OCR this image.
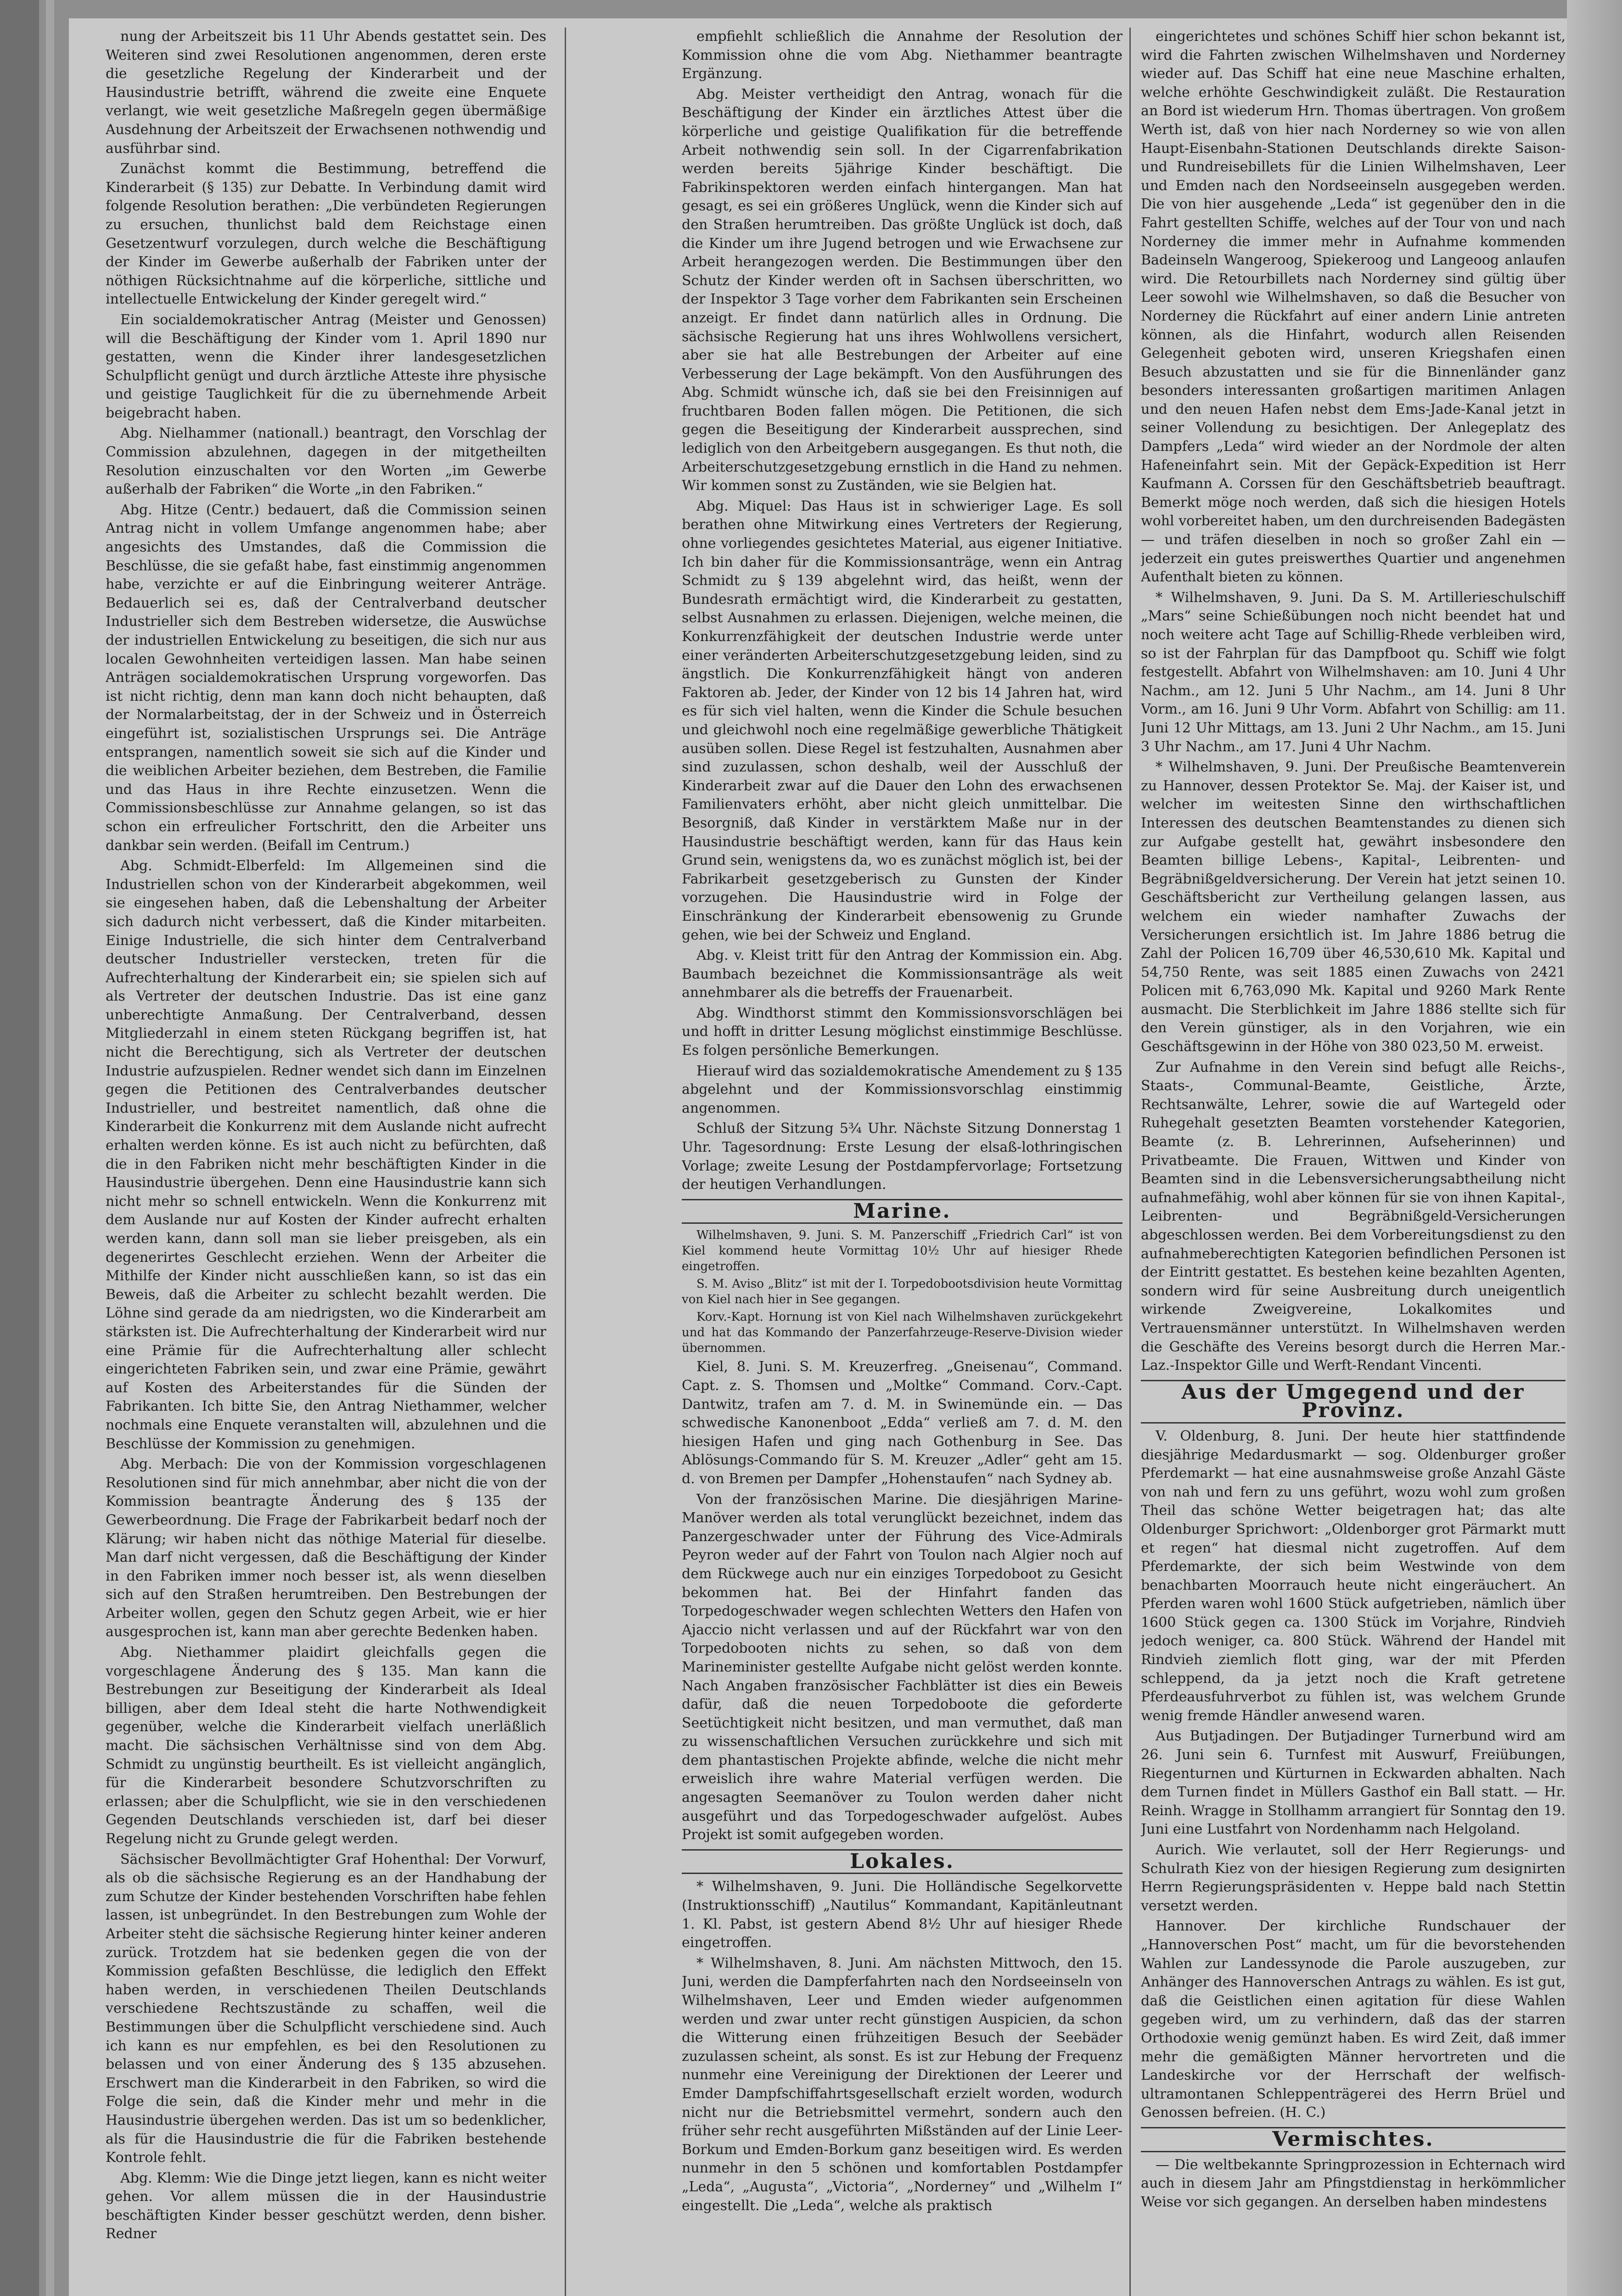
nung der Arbeitszeit bis 11 Uhr Abends gestattet sein. Des Weiteren sind zwei Resolutionen angenommen, deren erste die gesetzliche Regelung der Kinderarbeit und der Hausindustrie betrifft, während die zweite eine Enquete verlangt, wie weit gesetzliche Maßregeln gegen übermäßige Ausdehnung der Arbeitszeit der Erwachsenen nothwendig und ausführbar sind.

Zunächst kommt die Bestimmung, betreffend die Kinderarbeit (§ 135) zur Debatte. In Verbindung damit wird folgende Resolution berathen: „Die verbündeten Regierungen zu ersuchen, thunlichst bald dem Reichstage einen Gesetzentwurf vorzulegen, durch welche die Beschäftigung der Kinder im Gewerbe außerhalb der Fabriken unter der nöthigen Rücksichtnahme auf die körperliche, sittliche und intellectuelle Entwickelung der Kinder geregelt wird.“

Ein socialdemokratischer Antrag (Meister und Genossen) will die Beschäftigung der Kinder vom 1. April 1890 nur gestatten, wenn die Kinder ihrer landesgesetzlichen Schulpflicht genügt und durch ärztliche Atteste ihre physische und geistige Tauglichkeit für die zu übernehmende Arbeit beigebracht haben.

Abg. Nielhammer (nationall.) beantragt, den Vorschlag der Commission abzulehnen, dagegen in der mitgetheilten Resolution einzuschalten vor den Worten „im Gewerbe außerhalb der Fabriken“ die Worte „in den Fabriken.“

Abg. Hitze (Centr.) bedauert, daß die Commission seinen Antrag nicht in vollem Umfange angenommen habe; aber angesichts des Umstandes, daß die Commission die Beschlüsse, die sie gefaßt habe, fast einstimmig angenommen habe, verzichte er auf die Einbringung weiterer Anträge. Bedauerlich sei es, daß der Centralverband deutscher Industrieller sich dem Bestreben widersetze, die Auswüchse der industriellen Entwickelung zu beseitigen, die sich nur aus localen Gewohnheiten verteidigen lassen. Man habe seinen Anträgen socialdemokratischen Ursprung vorgeworfen. Das ist nicht richtig, denn man kann doch nicht behaupten, daß der Normalarbeitstag, der in der Schweiz und in Österreich eingeführt ist, sozialistischen Ursprungs sei. Die Anträge entsprangen, namentlich soweit sie sich auf die Kinder und die weiblichen Arbeiter beziehen, dem Bestreben, die Familie und das Haus in ihre Rechte einzusetzen. Wenn die Commissionsbeschlüsse zur Annahme gelangen, so ist das schon ein erfreulicher Fortschritt, den die Arbeiter uns dankbar sein werden. (Beifall im Centrum.)

Abg. Schmidt-Elberfeld: Im Allgemeinen sind die Industriellen schon von der Kinderarbeit abgekommen, weil sie eingesehen haben, daß die Lebenshaltung der Arbeiter sich dadurch nicht verbessert, daß die Kinder mitarbeiten. Einige Industrielle, die sich hinter dem Centralverband deutscher Industrieller verstecken, treten für die Aufrechterhaltung der Kinderarbeit ein; sie spielen sich auf als Vertreter der deutschen Industrie. Das ist eine ganz unberechtigte Anmaßung. Der Centralverband, dessen Mitgliederzahl in einem steten Rückgang begriffen ist, hat nicht die Berechtigung, sich als Vertreter der deutschen Industrie aufzuspielen. Redner wendet sich dann im Einzelnen gegen die Petitionen des Centralverbandes deutscher Industrieller, und bestreitet namentlich, daß ohne die Kinderarbeit die Konkurrenz mit dem Auslande nicht aufrecht erhalten werden könne. Es ist auch nicht zu befürchten, daß die in den Fabriken nicht mehr beschäftigten Kinder in die Hausindustrie übergehen. Denn eine Hausindustrie kann sich nicht mehr so schnell entwickeln. Wenn die Konkurrenz mit dem Auslande nur auf Kosten der Kinder aufrecht erhalten werden kann, dann soll man sie lieber preisgeben, als ein degenerirtes Geschlecht erziehen. Wenn der Arbeiter die Mithilfe der Kinder nicht ausschließen kann, so ist das ein Beweis, daß die Arbeiter zu schlecht bezahlt werden. Die Löhne sind gerade da am niedrigsten, wo die Kinderarbeit am stärksten ist. Die Aufrechterhaltung der Kinderarbeit wird nur eine Prämie für die Aufrechterhaltung aller schlecht eingerichteten Fabriken sein, und zwar eine Prämie, gewährt auf Kosten des Arbeiterstandes für die Sünden der Fabrikanten. Ich bitte Sie, den Antrag Niethammer, welcher nochmals eine Enquete veranstalten will, abzulehnen und die Beschlüsse der Kommission zu genehmigen.

Abg. Merbach: Die von der Kommission vorgeschlagenen Resolutionen sind für mich annehmbar, aber nicht die von der Kommission beantragte Änderung des § 135 der Gewerbeordnung. Die Frage der Fabrikarbeit bedarf noch der Klärung; wir haben nicht das nöthige Material für dieselbe. Man darf nicht vergessen, daß die Beschäftigung der Kinder in den Fabriken immer noch besser ist, als wenn dieselben sich auf den Straßen herumtreiben. Den Bestrebungen der Arbeiter wollen, gegen den Schutz gegen Arbeit, wie er hier ausgesprochen ist, kann man aber gerechte Bedenken haben.

Abg. Niethammer plaidirt gleichfalls gegen die vorgeschlagene Änderung des § 135. Man kann die Bestrebungen zur Beseitigung der Kinderarbeit als Ideal billigen, aber dem Ideal steht die harte Nothwendigkeit gegenüber, welche die Kinderarbeit vielfach unerläßlich macht. Die sächsischen Verhältnisse sind von dem Abg. Schmidt zu ungünstig beurtheilt. Es ist vielleicht angänglich, für die Kinderarbeit besondere Schutzvorschriften zu erlassen; aber die Schulpflicht, wie sie in den verschiedenen Gegenden Deutschlands verschieden ist, darf bei dieser Regelung nicht zu Grunde gelegt werden.

Sächsischer Bevollmächtigter Graf Hohenthal: Der Vorwurf, als ob die sächsische Regierung es an der Handhabung der zum Schutze der Kinder bestehenden Vorschriften habe fehlen lassen, ist unbegründet. In den Bestrebungen zum Wohle der Arbeiter steht die sächsische Regierung hinter keiner anderen zurück. Trotzdem hat sie bedenken gegen die von der Kommission gefaßten Beschlüsse, die lediglich den Effekt haben werden, in verschiedenen Theilen Deutschlands verschiedene Rechtszustände zu schaffen, weil die Bestimmungen über die Schulpflicht verschiedene sind. Auch ich kann es nur empfehlen, es bei den Resolutionen zu belassen und von einer Änderung des § 135 abzusehen. Erschwert man die Kinderarbeit in den Fabriken, so wird die Folge die sein, daß die Kinder mehr und mehr in die Hausindustrie übergehen werden. Das ist um so bedenklicher, als für die Hausindustrie die für die Fabriken bestehende Kontrole fehlt.

Abg. Klemm: Wie die Dinge jetzt liegen, kann es nicht weiter gehen. Vor allem müssen die in der Hausindustrie beschäftigten Kinder besser geschützt werden, denn bisher. Redner

empfiehlt schließlich die Annahme der Resolution der Kommission ohne die vom Abg. Niethammer beantragte Ergänzung.

Abg. Meister vertheidigt den Antrag, wonach für die Beschäftigung der Kinder ein ärztliches Attest über die körperliche und geistige Qualifikation für die betreffende Arbeit nothwendig sein soll. In der Cigarrenfabrikation werden bereits 5jährige Kinder beschäftigt. Die Fabrikinspektoren werden einfach hintergangen. Man hat gesagt, es sei ein größeres Unglück, wenn die Kinder sich auf den Straßen herumtreiben. Das größte Unglück ist doch, daß die Kinder um ihre Jugend betrogen und wie Erwachsene zur Arbeit herangezogen werden. Die Bestimmungen über den Schutz der Kinder werden oft in Sachsen überschritten, wo der Inspektor 3 Tage vorher dem Fabrikanten sein Erscheinen anzeigt. Er findet dann natürlich alles in Ordnung. Die sächsische Regierung hat uns ihres Wohlwollens versichert, aber sie hat alle Bestrebungen der Arbeiter auf eine Verbesserung der Lage bekämpft. Von den Ausführungen des Abg. Schmidt wünsche ich, daß sie bei den Freisinnigen auf fruchtbaren Boden fallen mögen. Die Petitionen, die sich gegen die Beseitigung der Kinderarbeit aussprechen, sind lediglich von den Arbeitgebern ausgegangen. Es thut noth, die Arbeiterschutzgesetzgebung ernstlich in die Hand zu nehmen. Wir kommen sonst zu Zuständen, wie sie Belgien hat.

Abg. Miquel: Das Haus ist in schwieriger Lage. Es soll berathen ohne Mitwirkung eines Vertreters der Regierung, ohne vorliegendes gesichtetes Material, aus eigener Initiative. Ich bin daher für die Kommissionsanträge, wenn ein Antrag Schmidt zu § 139 abgelehnt wird, das heißt, wenn der Bundesrath ermächtigt wird, die Kinderarbeit zu gestatten, selbst Ausnahmen zu erlassen. Diejenigen, welche meinen, die Konkurrenzfähigkeit der deutschen Industrie werde unter einer veränderten Arbeiterschutzgesetzgebung leiden, sind zu ängstlich. Die Konkurrenzfähigkeit hängt von anderen Faktoren ab. Jeder, der Kinder von 12 bis 14 Jahren hat, wird es für sich viel halten, wenn die Kinder die Schule besuchen und gleichwohl noch eine regelmäßige gewerbliche Thätigkeit ausüben sollen. Diese Regel ist festzuhalten, Ausnahmen aber sind zuzulassen, schon deshalb, weil der Ausschluß der Kinderarbeit zwar auf die Dauer den Lohn des erwachsenen Familienvaters erhöht, aber nicht gleich unmittelbar. Die Besorgniß, daß Kinder in verstärktem Maße nur in der Hausindustrie beschäftigt werden, kann für das Haus kein Grund sein, wenigstens da, wo es zunächst möglich ist, bei der Fabrikarbeit gesetzgeberisch zu Gunsten der Kinder vorzugehen. Die Hausindustrie wird in Folge der Einschränkung der Kinderarbeit ebensowenig zu Grunde gehen, wie bei der Schweiz und England.

Abg. v. Kleist tritt für den Antrag der Kommission ein. Abg. Baumbach bezeichnet die Kommissionsanträge als weit annehmbarer als die betreffs der Frauenarbeit.

Abg. Windthorst stimmt den Kommissionsvorschlägen bei und hofft in dritter Lesung möglichst einstimmige Beschlüsse. Es folgen persönliche Bemerkungen.

Hierauf wird das sozialdemokratische Amendement zu § 135 abgelehnt und der Kommissionsvorschlag einstimmig angenommen.

Schluß der Sitzung 5¾ Uhr. Nächste Sitzung Donnerstag 1 Uhr. Tagesordnung: Erste Lesung der elsaß-lothringischen Vorlage; zweite Lesung der Postdampfervorlage; Fortsetzung der heutigen Verhandlungen.

Marine.

Wilhelmshaven, 9. Juni. S. M. Panzerschiff „Friedrich Carl“ ist von Kiel kommend heute Vormittag 10½ Uhr auf hiesiger Rhede eingetroffen.

S. M. Aviso „Blitz“ ist mit der I. Torpedobootsdivision heute Vormittag von Kiel nach hier in See gegangen.

Korv.-Kapt. Hornung ist von Kiel nach Wilhelmshaven zurückgekehrt und hat das Kommando der Panzerfahrzeuge-Reserve-Division wieder übernommen.

Kiel, 8. Juni. S. M. Kreuzerfreg. „Gneisenau“, Command. Capt. z. S. Thomsen und „Moltke“ Command. Corv.-Capt. Dantwitz, trafen am 7. d. M. in Swinemünde ein. — Das schwedische Kanonenboot „Edda“ verließ am 7. d. M. den hiesigen Hafen und ging nach Gothenburg in See. Das Ablösungs-Commando für S. M. Kreuzer „Adler“ geht am 15. d. von Bremen per Dampfer „Hohenstaufen“ nach Sydney ab.

Von der französischen Marine. Die diesjährigen Marine-Manöver werden als total verunglückt bezeichnet, indem das Panzergeschwader unter der Führung des Vice-Admirals Peyron weder auf der Fahrt von Toulon nach Algier noch auf dem Rückwege auch nur ein einziges Torpedoboot zu Gesicht bekommen hat. Bei der Hinfahrt fanden das Torpedogeschwader wegen schlechten Wetters den Hafen von Ajaccio nicht verlassen und auf der Rückfahrt war von den Torpedobooten nichts zu sehen, so daß von dem Marineminister gestellte Aufgabe nicht gelöst werden konnte. Nach Angaben französischer Fachblätter ist dies ein Beweis dafür, daß die neuen Torpedoboote die geforderte Seetüchtigkeit nicht besitzen, und man vermuthet, daß man zu wissenschaftlichen Versuchen zurückkehre und sich mit dem phantastischen Projekte abfinde, welche die nicht mehr erweislich ihre wahre Material verfügen werden. Die angesagten Seemanöver zu Toulon werden daher nicht ausgeführt und das Torpedogeschwader aufgelöst. Aubes Projekt ist somit aufgegeben worden.

Lokales.

* Wilhelmshaven, 9. Juni. Die Holländische Segelkorvette (Instruktionsschiff) „Nautilus“ Kommandant, Kapitänleutnant 1. Kl. Pabst, ist gestern Abend 8½ Uhr auf hiesiger Rhede eingetroffen.

* Wilhelmshaven, 8. Juni. Am nächsten Mittwoch, den 15. Juni, werden die Dampferfahrten nach den Nordseeinseln von Wilhelmshaven, Leer und Emden wieder aufgenommen werden und zwar unter recht günstigen Auspicien, da schon die Witterung einen frühzeitigen Besuch der Seebäder zuzulassen scheint, als sonst. Es ist zur Hebung der Frequenz nunmehr eine Vereinigung der Direktionen der Leerer und Emder Dampfschiffahrtsgesellschaft erzielt worden, wodurch nicht nur die Betriebsmittel vermehrt, sondern auch den früher sehr recht ausgeführten Mißständen auf der Linie Leer-Borkum und Emden-Borkum ganz beseitigen wird. Es werden nunmehr in den 5 schönen und komfortablen Postdampfer „Leda“, „Augusta“, „Victoria“, „Norderney“ und „Wilhelm I“ eingestellt. Die „Leda“, welche als praktisch

eingerichtetes und schönes Schiff hier schon bekannt ist, wird die Fahrten zwischen Wilhelmshaven und Norderney wieder auf. Das Schiff hat eine neue Maschine erhalten, welche erhöhte Geschwindigkeit zuläßt. Die Restauration an Bord ist wiederum Hrn. Thomas übertragen. Von großem Werth ist, daß von hier nach Norderney so wie von allen Haupt-Eisenbahn-Stationen Deutschlands direkte Saison- und Rundreisebillets für die Linien Wilhelmshaven, Leer und Emden nach den Nordseeinseln ausgegeben werden. Die von hier ausgehende „Leda“ ist gegenüber den in die Fahrt gestellten Schiffe, welches auf der Tour von und nach Norderney die immer mehr in Aufnahme kommenden Badeinseln Wangeroog, Spiekeroog und Langeoog anlaufen wird. Die Retourbillets nach Norderney sind gültig über Leer sowohl wie Wilhelmshaven, so daß die Besucher von Norderney die Rückfahrt auf einer andern Linie antreten können, als die Hinfahrt, wodurch allen Reisenden Gelegenheit geboten wird, unseren Kriegshafen einen Besuch abzustatten und sie für die Binnenländer ganz besonders interessanten großartigen maritimen Anlagen und den neuen Hafen nebst dem Ems-Jade-Kanal jetzt in seiner Vollendung zu besichtigen. Der Anlegeplatz des Dampfers „Leda“ wird wieder an der Nordmole der alten Hafeneinfahrt sein. Mit der Gepäck-Expedition ist Herr Kaufmann A. Corssen für den Geschäftsbetrieb beauftragt. Bemerkt möge noch werden, daß sich die hiesigen Hotels wohl vorbereitet haben, um den durchreisenden Badegästen — und träfen dieselben in noch so großer Zahl ein — jederzeit ein gutes preiswerthes Quartier und angenehmen Aufenthalt bieten zu können.

* Wilhelmshaven, 9. Juni. Da S. M. Artillerieschulschiff „Mars“ seine Schießübungen noch nicht beendet hat und noch weitere acht Tage auf Schillig-Rhede verbleiben wird, so ist der Fahrplan für das Dampfboot qu. Schiff wie folgt festgestellt. Abfahrt von Wilhelmshaven: am 10. Juni 4 Uhr Nachm., am 12. Juni 5 Uhr Nachm., am 14. Juni 8 Uhr Vorm., am 16. Juni 9 Uhr Vorm. Abfahrt von Schillig: am 11. Juni 12 Uhr Mittags, am 13. Juni 2 Uhr Nachm., am 15. Juni 3 Uhr Nachm., am 17. Juni 4 Uhr Nachm.

* Wilhelmshaven, 9. Juni. Der Preußische Beamtenverein zu Hannover, dessen Protektor Se. Maj. der Kaiser ist, und welcher im weitesten Sinne den wirthschaftlichen Interessen des deutschen Beamtenstandes zu dienen sich zur Aufgabe gestellt hat, gewährt insbesondere den Beamten billige Lebens-, Kapital-, Leibrenten- und Begräbnißgeldversicherung. Der Verein hat jetzt seinen 10. Geschäftsbericht zur Vertheilung gelangen lassen, aus welchem ein wieder namhafter Zuwachs der Versicherungen ersichtlich ist. Im Jahre 1886 betrug die Zahl der Policen 16,709 über 46,530,610 Mk. Kapital und 54,750 Rente, was seit 1885 einen Zuwachs von 2421 Policen mit 6,763,090 Mk. Kapital und 9260 Mark Rente ausmacht. Die Sterblichkeit im Jahre 1886 stellte sich für den Verein günstiger, als in den Vorjahren, wie ein Geschäftsgewinn in der Höhe von 380 023,50 M. erweist.

Zur Aufnahme in den Verein sind befugt alle Reichs-, Staats-, Communal-Beamte, Geistliche, Ärzte, Rechtsanwälte, Lehrer, sowie die auf Wartegeld oder Ruhegehalt gesetzten Beamten vorstehender Kategorien, Beamte (z. B. Lehrerinnen, Aufseherinnen) und Privatbeamte. Die Frauen, Wittwen und Kinder von Beamten sind in die Lebensversicherungsabtheilung nicht aufnahmefähig, wohl aber können für sie von ihnen Kapital-, Leibrenten- und Begräbnißgeld-Versicherungen abgeschlossen werden. Bei dem Vorbereitungsdienst zu den aufnahmeberechtigten Kategorien befindlichen Personen ist der Eintritt gestattet. Es bestehen keine bezahlten Agenten, sondern wird für seine Ausbreitung durch uneigentlich wirkende Zweigvereine, Lokalkomites und Vertrauensmänner unterstützt. In Wilhelmshaven werden die Geschäfte des Vereins besorgt durch die Herren Mar.-Laz.-Inspektor Gille und Werft-Rendant Vincenti.

Aus der Umgegend und der Provinz.

V. Oldenburg, 8. Juni. Der heute hier stattfindende diesjährige Medardusmarkt — sog. Oldenburger großer Pferdemarkt — hat eine ausnahmsweise große Anzahl Gäste von nah und fern zu uns geführt, wozu wohl zum großen Theil das schöne Wetter beigetragen hat; das alte Oldenburger Sprichwort: „Oldenborger grot Pärmarkt mutt et regen“ hat diesmal nicht zugetroffen. Auf dem Pferdemarkte, der sich beim Westwinde von dem benachbarten Moorrauch heute nicht eingeräuchert. An Pferden waren wohl 1600 Stück aufgetrieben, nämlich über 1600 Stück gegen ca. 1300 Stück im Vorjahre, Rindvieh jedoch weniger, ca. 800 Stück. Während der Handel mit Rindvieh ziemlich flott ging, war der mit Pferden schleppend, da ja jetzt noch die Kraft getretene Pferdeausfuhrverbot zu fühlen ist, was welchem Grunde wenig fremde Händler anwesend waren.

Aus Butjadingen. Der Butjadinger Turnerbund wird am 26. Juni sein 6. Turnfest mit Auswurf, Freiübungen, Riegenturnen und Kürturnen in Eckwarden abhalten. Nach dem Turnen findet in Müllers Gasthof ein Ball statt. — Hr. Reinh. Wragge in Stollhamm arrangiert für Sonntag den 19. Juni eine Lustfahrt von Nordenhamm nach Helgoland.

Aurich. Wie verlautet, soll der Herr Regierungs- und Schulrath Kiez von der hiesigen Regierung zum designirten Herrn Regierungspräsidenten v. Heppe bald nach Stettin versetzt werden.

Hannover. Der kirchliche Rundschauer der „Hannoverschen Post“ macht, um für die bevorstehenden Wahlen zur Landessynode die Parole auszugeben, zur Anhänger des Hannoverschen Antrags zu wählen. Es ist gut, daß die Geistlichen einen agitation für diese Wahlen gegeben wird, um zu verhindern, daß das der starren Orthodoxie wenig gemünzt haben. Es wird Zeit, daß immer mehr die gemäßigten Männer hervortreten und die Landeskirche vor der Herrschaft der welfisch-ultramontanen Schleppenträgerei des Herrn Brüel und Genossen befreien. (H. C.)

Vermischtes.

— Die weltbekannte Springprozession in Echternach wird auch in diesem Jahr am Pfingstdienstag in herkömmlicher Weise vor sich gegangen. An derselben haben mindestens
